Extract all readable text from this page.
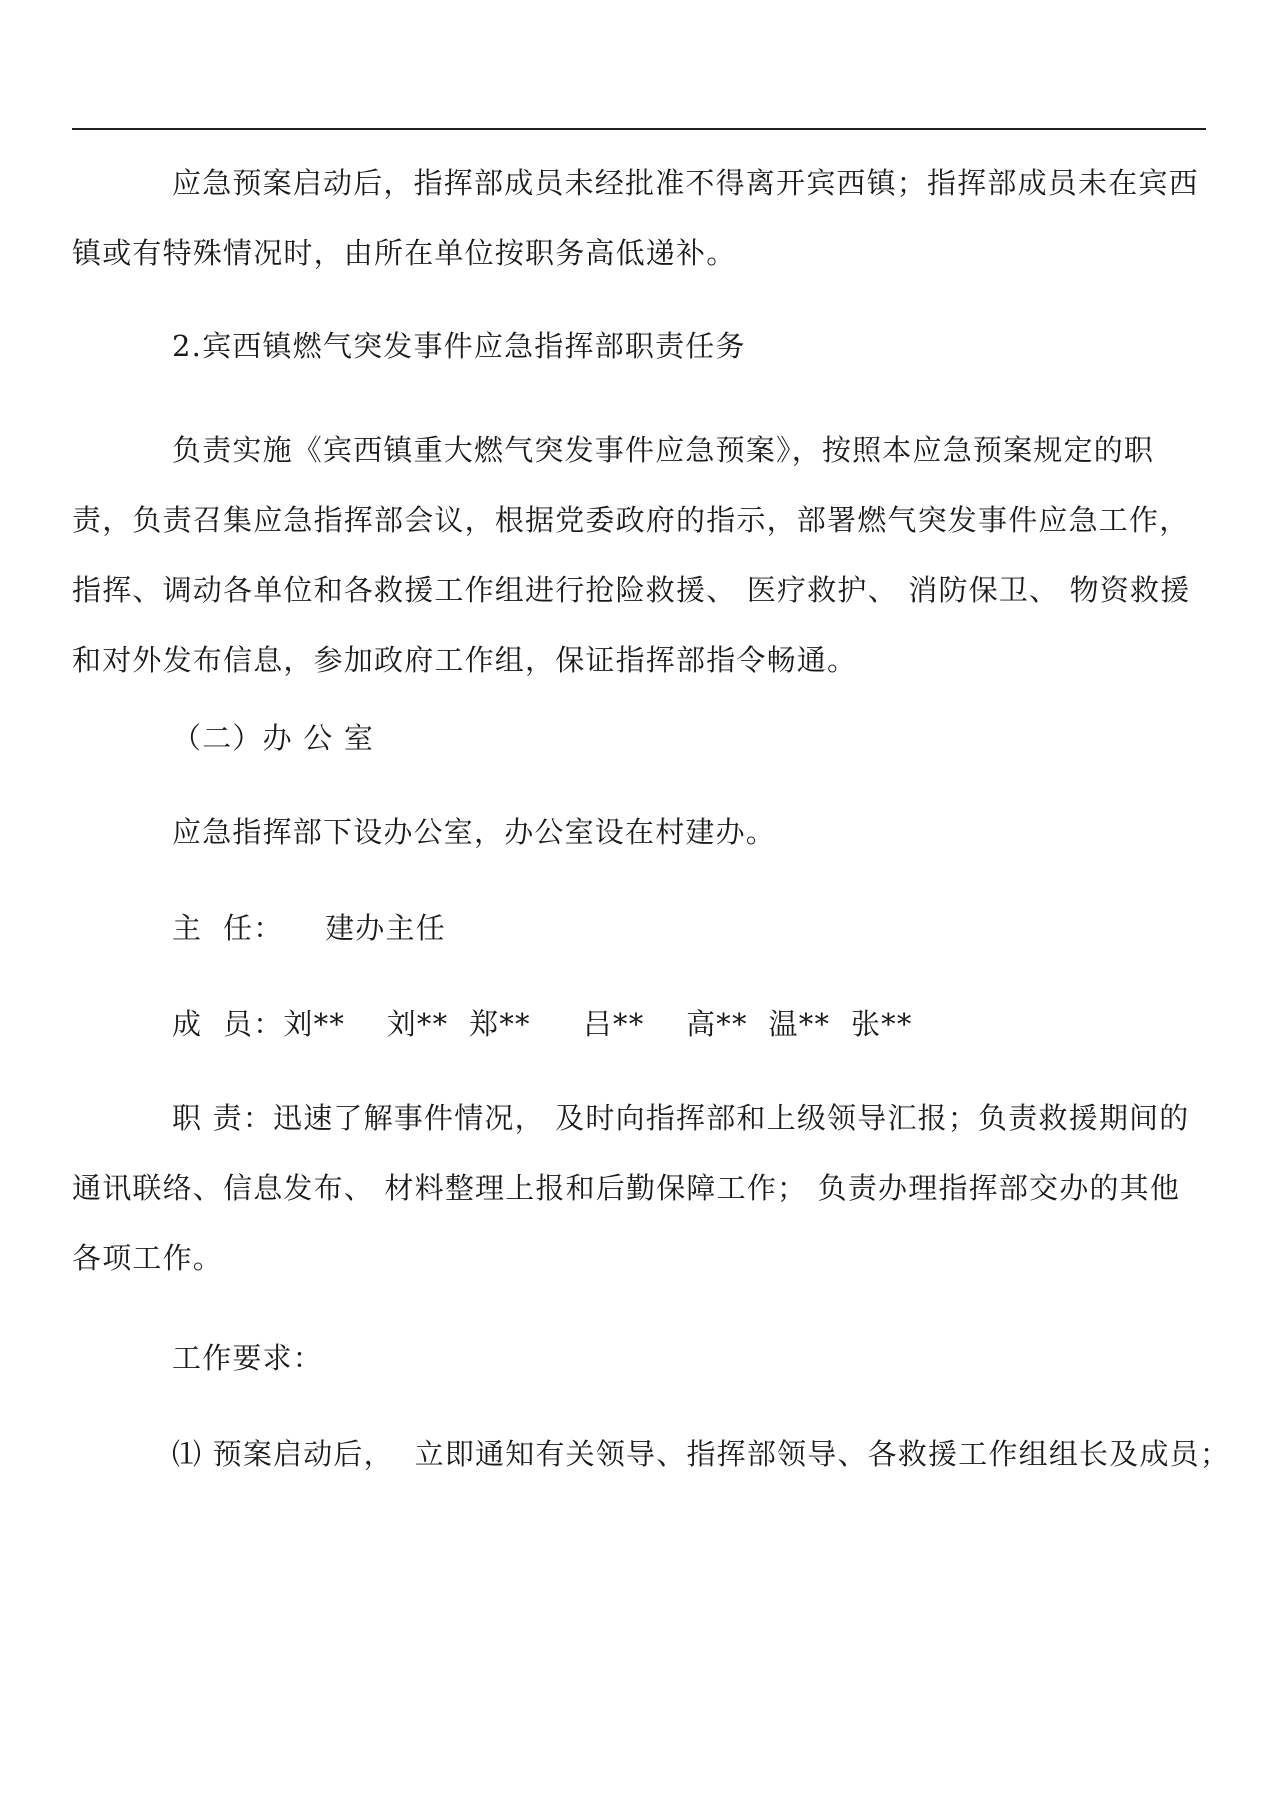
应急预案启动后，指挥部成员未经批准不得离开宾西镇；指挥部成员未在宾西镇或有特殊情况时，由所在单位按职务高低递补。

2.宾西镇燃气突发事件应急指挥部职责任务

负责实施《宾西镇重大燃气突发事件应急预案》，按照本应急预案规定的职责，负责召集应急指挥部会议，根据党委政府的指示，部署燃气突发事件应急工作，指挥、调动各单位和各救援工作组进行抢险救援、 医疗救护、 消防保卫、 物资救援和对外发布信息，参加政府工作组，保证指挥部指令畅通。

（二）办 公 室

应急指挥部下设办公室，办公室设在村建办。

主  任：    建办主任

成  员：刘**    刘**  郑**     吕**    高**  温**  张**

职 责：迅速了解事件情况， 及时向指挥部和上级领导汇报；负责救援期间的通讯联络、信息发布、 材料整理上报和后勤保障工作； 负责办理指挥部交办的其他各项工作。

工作要求：

⑴ 预案启动后，  立即通知有关领导、指挥部领导、各救援工作组组长及成员；
